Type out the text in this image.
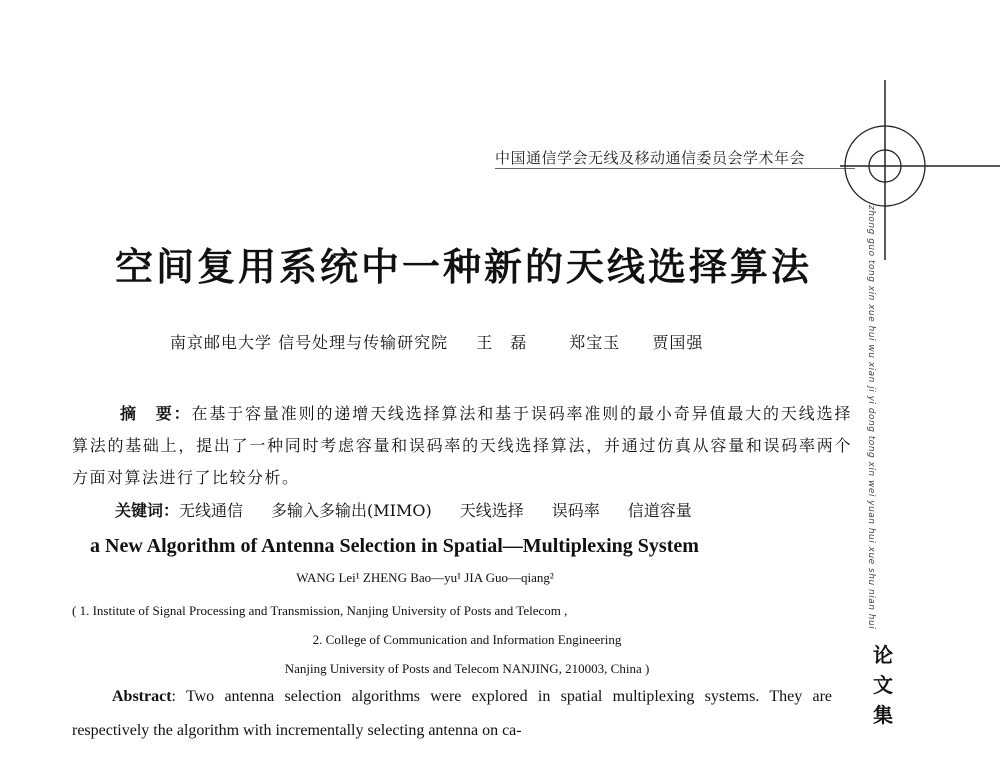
中国通信学会无线及移动通信委员会学术年会
空间复用系统中一种新的天线选择算法
南京邮电大学 信号处理与传输研究院 王　磊	郑宝玉 贾国强
摘　要：在基于容量准则的递增天线选择算法和基于误码率准则的最小奇异值最大的天线选择算法的基础上，提出了一种同时考虑容量和误码率的天线选择算法，并通过仿真从容量和误码率两个方面对算法进行了比较分析。
关键词：无线通信 多输入多输出(MIMO) 天线选择 误码率 信道容量
a New Algorithm of Antenna Selection in Spatial—Multiplexing System
WANG Lei¹ ZHENG Bao—yu¹ JIA Guo—qiang²
( 1. Institute of Signal Processing and Transmission, Nanjing University of Posts and Telecom ,
2. College of Communication and Information Engineering
Nanjing University of Posts and Telecom NANJING, 210003, China )
Abstract: Two antenna selection algorithms were explored in spatial multiplexing systems. They are respectively the algorithm with incrementally selecting antenna on ca-
zhong guo tong xin xue hui wu xian ji yi dong tong xin wei yuan hui xue shu nian hui
论
文
集
